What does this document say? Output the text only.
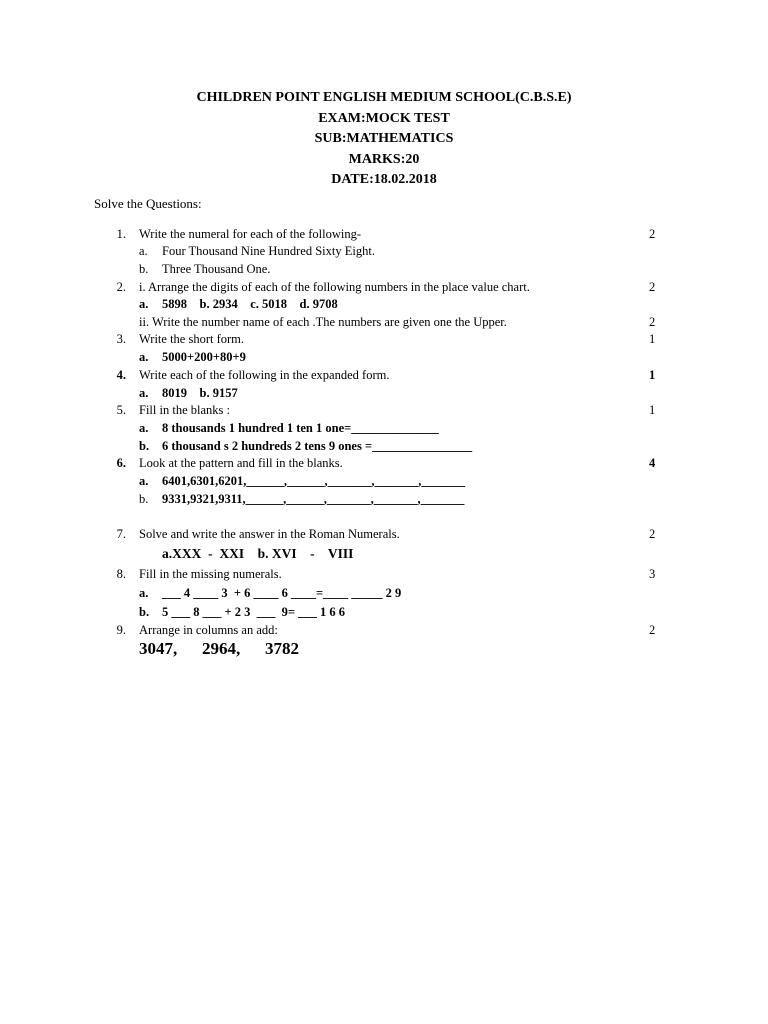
CHILDREN POINT ENGLISH MEDIUM SCHOOL(C.B.S.E)
EXAM:MOCK TEST
SUB:MATHEMATICS
MARKS:20
DATE:18.02.2018
Solve the Questions:
1. Write the numeral for each of the following-	2
a. Four Thousand Nine Hundred Sixty Eight.
b. Three Thousand One.
2. i. Arrange the digits of each of the following numbers in the place value chart.	2
a. 5898    b. 2934    c. 5018    d. 9708
ii. Write the number name of each .The numbers are given one the Upper.	2
3. Write the short form.	1
a. 5000+200+80+9
4. Write each of the following in the expanded form.	1
a. 8019    b. 9157
5. Fill in the blanks :	1
a. 8 thousands 1 hundred 1 ten 1 one=______________
b. 6 thousand s 2 hundreds 2 tens 9 ones =________________
6. Look at the pattern and fill in the blanks.	4
a. 6401,6301,6201,______,______,_______,_______,_______
b. 9331,9321,9311,______,______,_______,_______,_______
7. Solve and write the answer in the Roman Numerals.	2
a.XXX  -  XXI    b. XVI    -    VIII
8. Fill in the missing numerals.	3
a. ___ 4 ____ 3  + 6 ____ 6 ____=____ _____ 2 9
b. 5 ___ 8 ___ + 2 3  ___  9= ___ 1 6 6
9. Arrange in columns an add:	2
3047,   2964,   3782
